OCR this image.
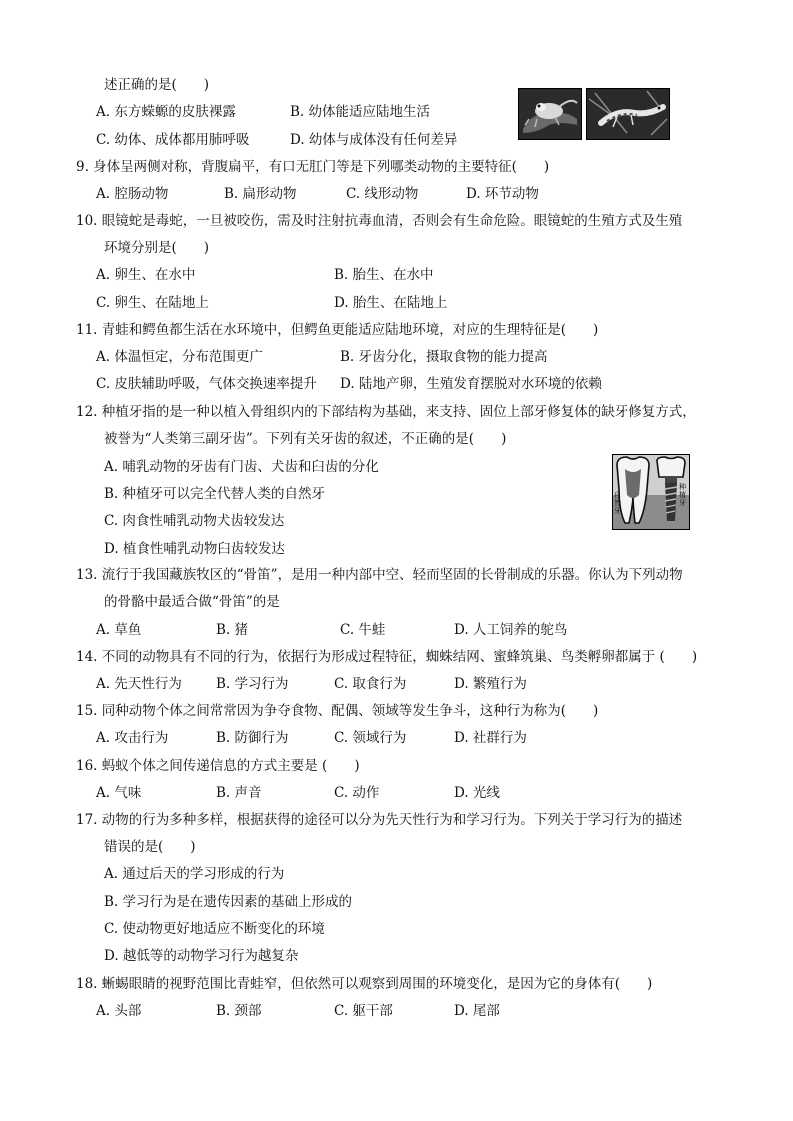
述正确的是(　　)
A. 东方蝾螈的皮肤裸露	B. 幼体能适应陆地生活
C. 幼体、成体都用肺呼吸	D. 幼体与成体没有任何差异
9. 身体呈两侧对称，背腹扁平，有口无肛门等是下列哪类动物的主要特征(　　)
A. 腔肠动物	B. 扁形动物	C. 线形动物	D. 环节动物
10. 眼镜蛇是毒蛇，一旦被咬伤，需及时注射抗毒血清，否则会有生命危险。眼镜蛇的生殖方式及生殖
环境分别是(　　)
A. 卵生、在水中	B. 胎生、在水中
C. 卵生、在陆地上	D. 胎生、在陆地上
11. 青蛙和鳄鱼都生活在水环境中，但鳄鱼更能适应陆地环境，对应的生理特征是(　　)
A. 体温恒定，分布范围更广	B. 牙齿分化，摄取食物的能力提高
C. 皮肤辅助呼吸，气体交换速率提升 D. 陆地产卵，生殖发育摆脱对水环境的依赖
12. 种植牙指的是一种以植入骨组织内的下部结构为基础，来支持、固位上部牙修复体的缺牙修复方式，
被誉为“人类第三副牙齿”。下列有关牙齿的叙述，不正确的是(　　)
A. 哺乳动物的牙齿有门齿、犬齿和臼齿的分化
B. 种植牙可以完全代替人类的自然牙
C. 肉食性哺乳动物犬齿较发达
D. 植食性哺乳动物臼齿较发达
自然牙
种植牙
13. 流行于我国藏族牧区的“骨笛”，是用一种内部中空、轻而坚固的长骨制成的乐器。你认为下列动物
的骨骼中最适合做“骨笛”的是
A. 草鱼	B. 猪	C. 牛蛙	D. 人工饲养的鸵鸟
14. 不同的动物具有不同的行为，依据行为形成过程特征，蜘蛛结网、蜜蜂筑巢、鸟类孵卵都属于 (　　)
A. 先天性行为	B. 学习行为	C. 取食行为	D. 繁殖行为
15. 同种动物个体之间常常因为争夺食物、配偶、领域等发生争斗，这种行为称为(　　)
A. 攻击行为	B. 防御行为	C. 领域行为	D. 社群行为
16. 蚂蚁个体之间传递信息的方式主要是 (　　)
A. 气味	B. 声音	C. 动作	D. 光线
17. 动物的行为多种多样，根据获得的途径可以分为先天性行为和学习行为。下列关于学习行为的描述
错误的是(　　)
A. 通过后天的学习形成的行为
B. 学习行为是在遗传因素的基础上形成的
C. 使动物更好地适应不断变化的环境
D. 越低等的动物学习行为越复杂
18. 蜥蜴眼睛的视野范围比青蛙窄，但依然可以观察到周围的环境变化，是因为它的身体有(　　)
A. 头部	B. 颈部	C. 躯干部	D. 尾部
